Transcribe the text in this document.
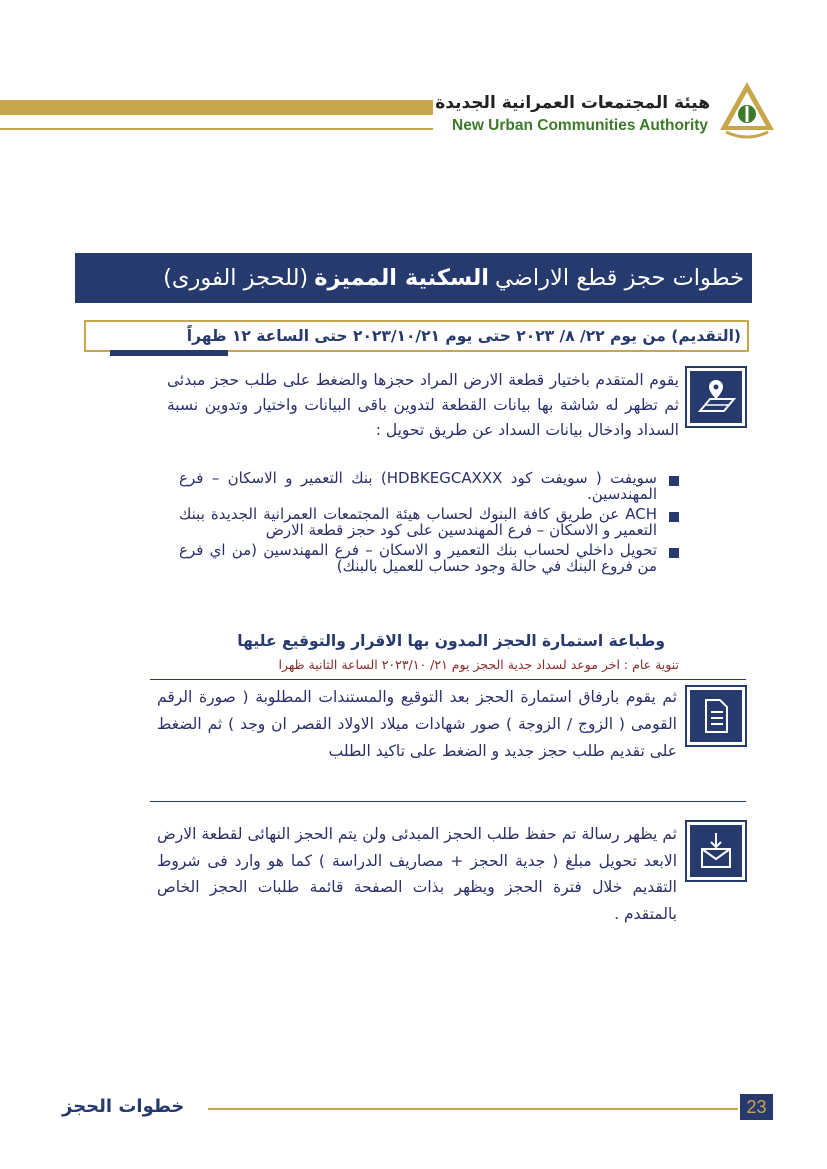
هيئة المجتمعات العمرانية الجديدة
New Urban Communities Authority
خطوات حجز قطع الاراضي
السكنية المميزة
(للحجز الفورى)
(التقديم) من يوم ٢٢/ ٨/ ٢٠٢٣ حتى يوم ٢٠٢٣/١٠/٢١ حتى الساعة ١٢ ظهراً
يقوم المتقدم باختيار قطعة الارض المراد حجزها والضغط على طلب حجز مبدئى ثم تظهر له شاشة بها بيانات القطعة لتدوين باقى البيانات واختيار وتدوين نسبة السداد وادخال بيانات السداد عن طريق تحويل :
سويفت ( سويفت كود HDBKEGCAXXX) بنك التعمير و الاسكان – فرع المهندسين.
ACH عن طريق كافة البنوك لحساب هيئة المجتمعات العمرانية الجديدة ببنك التعمير و الاسكان – فرع المهندسين على كود حجز قطعة الارض
تحويل داخلي لحساب بنك التعمير و الاسكان – فرع المهندسين (من اي فرع من فروع البنك في حالة وجود حساب للعميل بالبنك)
وطباعة استمارة الحجز المدون بها الاقرار والتوقيع عليها
تنوية عام : اخر موعد لسداد جدية الحجز يوم ٢١/ ٢٠٢٣/١٠ الساعة الثانية ظهرا
ثم يقوم بارفاق استمارة الحجز بعد التوقيع والمستندات المطلوبة ( صورة الرقم القومى ( الزوج / الزوجة ) صور شهادات ميلاد الاولاد القصر ان وجد ) ثم الضغط على تقديم طلب حجز جديد و الضغط على تاكيد الطلب
ثم يظهر رسالة تم حفظ طلب الحجز المبدئى ولن يتم الحجز النهائى لقطعة الارض الابعد تحويل مبلغ ( جدية الحجز + مصاريف الدراسة ) كما هو وارد فى شروط التقديم خلال فترة الحجز ويظهر بذات الصفحة قائمة طلبات الحجز الخاص بالمتقدم .
خطوات الحجز	23
